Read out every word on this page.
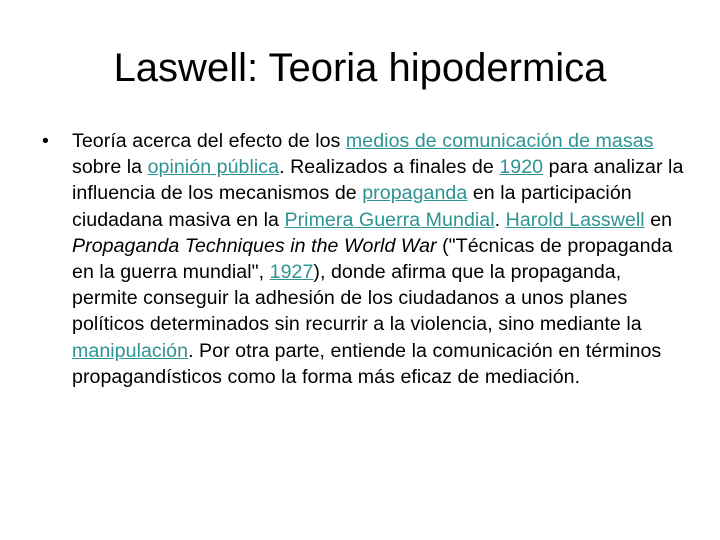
Laswell: Teoria hipodermica
• Teoría acerca del efecto de los medios de comunicación de masas sobre la opinión pública. Realizados a finales de 1920 para analizar la influencia de los mecanismos de propaganda en la participación ciudadana masiva en la Primera Guerra Mundial. Harold Lasswell en Propaganda Techniques in the World War ("Técnicas de propaganda en la guerra mundial", 1927), donde afirma que la propaganda, permite conseguir la adhesión de los ciudadanos a unos planes políticos determinados sin recurrir a la violencia, sino mediante la manipulación. Por otra parte, entiende la comunicación en términos propagandísticos como la forma más eficaz de mediación.
